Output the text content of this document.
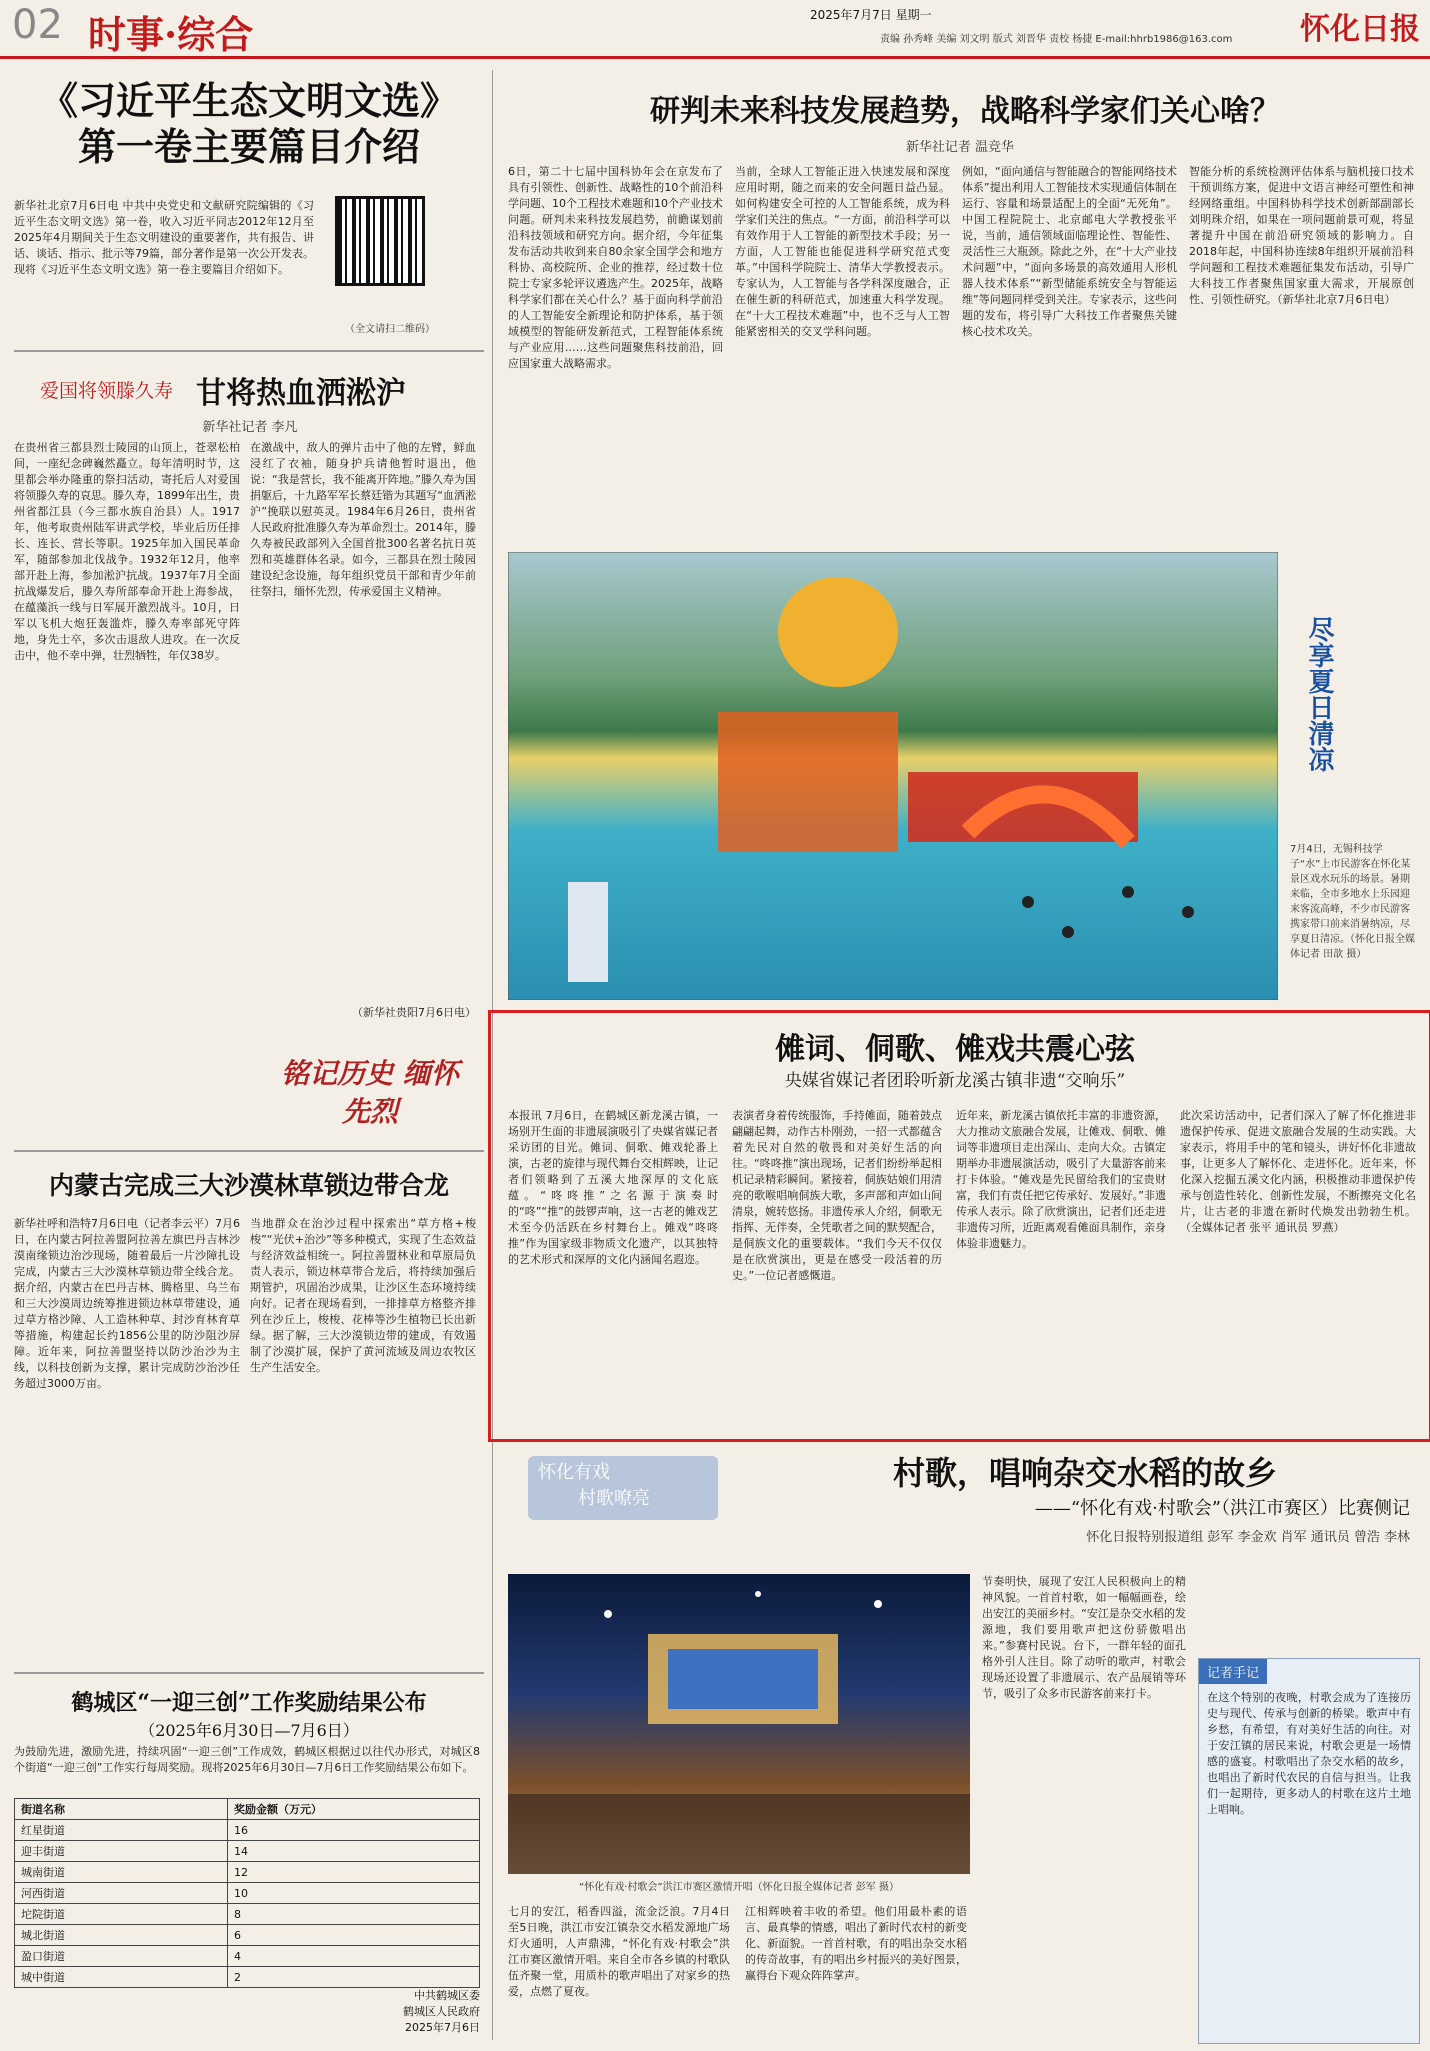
02 时事·综合	2025年7月7日 星期一
责编 孙秀峰 美编 刘文明 版式 刘晋华 责校 杨捷 E-mail:hhrb1986@163.com 怀化日报
《习近平生态文明文选》
第一卷主要篇目介绍
新华社北京7月6日电 中共中央党史和文献研究院编辑的《习近平生态文明文选》第一卷，收入习近平同志2012年12月至2025年4月期间关于生态文明建设的重要著作，共有报告、讲话、谈话、指示、批示等79篇，部分著作是第一次公开发表。现将《习近平生态文明文选》第一卷主要篇目介绍如下。
（全文请扫二维码）
爱国将领滕久寿 甘将热血洒淞沪
新华社记者 李凡
在贵州省三都县烈士陵园的山顶上，苍翠松柏间，一座纪念碑巍然矗立。每年清明时节，这里都会举办隆重的祭扫活动，寄托后人对爱国将领滕久寿的哀思。滕久寿，1899年出生，贵州省都江县（今三都水族自治县）人。1917年，他考取贵州陆军讲武学校，毕业后历任排长、连长、营长等职。1925年加入国民革命军，随部参加北伐战争。1932年12月，他率部开赴上海，参加淞沪抗战。1937年7月全面抗战爆发后，滕久寿所部奉命开赴上海参战，在蕴藻浜一线与日军展开激烈战斗。10月，日军以飞机大炮狂轰滥炸，滕久寿率部死守阵地，身先士卒，多次击退敌人进攻。在一次反击中，他不幸中弹，壮烈牺牲，年仅38岁。
在激战中，敌人的弹片击中了他的左臂，鲜血浸红了衣袖，随身护兵请他暂时退出，他说：“我是营长，我不能离开阵地。”滕久寿为国捐躯后，十九路军军长蔡廷锴为其题写“血洒淞沪”挽联以慰英灵。1984年6月26日，贵州省人民政府批准滕久寿为革命烈士。2014年，滕久寿被民政部列入全国首批300名著名抗日英烈和英雄群体名录。如今，三都县在烈士陵园建设纪念设施，每年组织党员干部和青少年前往祭扫，缅怀先烈，传承爱国主义精神。
（新华社贵阳7月6日电）
铭记历史 缅怀先烈
内蒙古完成三大沙漠林草锁边带合龙
新华社呼和浩特7月6日电（记者李云平）7月6日，在内蒙古阿拉善盟阿拉善左旗巴丹吉林沙漠南缘锁边治沙现场，随着最后一片沙障扎设完成，内蒙古三大沙漠林草锁边带全线合龙。据介绍，内蒙古在巴丹吉林、腾格里、乌兰布和三大沙漠周边统筹推进锁边林草带建设，通过草方格沙障、人工造林种草、封沙育林育草等措施，构建起长约1856公里的防沙阻沙屏障。近年来，阿拉善盟坚持以防沙治沙为主线，以科技创新为支撑，累计完成防沙治沙任务超过3000万亩。
当地群众在治沙过程中探索出“草方格+梭梭”“光伏+治沙”等多种模式，实现了生态效益与经济效益相统一。阿拉善盟林业和草原局负责人表示，锁边林草带合龙后，将持续加强后期管护，巩固治沙成果，让沙区生态环境持续向好。记者在现场看到，一排排草方格整齐排列在沙丘上，梭梭、花棒等沙生植物已长出新绿。据了解，三大沙漠锁边带的建成，有效遏制了沙漠扩展，保护了黄河流域及周边农牧区生产生活安全。
鹤城区“一迎三创”工作奖励结果公布
（2025年6月30日—7月6日）
为鼓励先进，激励先进，持续巩固“一迎三创”工作成效，鹤城区根据过以往代办形式，对城区8个街道“一迎三创”工作实行每周奖励。现将2025年6月30日—7月6日工作奖励结果公布如下。
街道名称	奖励金额（万元）
红星街道	16
迎丰街道	14
城南街道	12
河西街道	10
坨院街道	8
城北街道	6
盈口街道	4
城中街道	2
中共鹤城区委
鹤城区人民政府
2025年7月6日
研判未来科技发展趋势，战略科学家们关心啥？
新华社记者 温竞华
6日，第二十七届中国科协年会在京发布了具有引领性、创新性、战略性的10个前沿科学问题、10个工程技术难题和10个产业技术问题。研判未来科技发展趋势，前瞻谋划前沿科技领域和研究方向。据介绍，今年征集发布活动共收到来自80余家全国学会和地方科协、高校院所、企业的推荐，经过数十位院士专家多轮评议遴选产生。2025年，战略科学家们都在关心什么？基于面向科学前沿的人工智能安全新理论和防护体系，基于领域模型的智能研发新范式，工程智能体系统与产业应用……这些问题聚焦科技前沿，回应国家重大战略需求。
当前，全球人工智能正进入快速发展和深度应用时期，随之而来的安全问题日益凸显。如何构建安全可控的人工智能系统，成为科学家们关注的焦点。“一方面，前沿科学可以有效作用于人工智能的新型技术手段；另一方面，人工智能也能促进科学研究范式变革。”中国科学院院士、清华大学教授表示。专家认为，人工智能与各学科深度融合，正在催生新的科研范式，加速重大科学发现。在“十大工程技术难题”中，也不乏与人工智能紧密相关的交叉学科问题。
例如，“面向通信与智能融合的智能网络技术体系”提出利用人工智能技术实现通信体制在运行、容量和场景适配上的全面“无死角”。中国工程院院士、北京邮电大学教授张平说，当前，通信领域面临理论性、智能性、灵活性三大瓶颈。除此之外，在“十大产业技术问题”中，“面向多场景的高效通用人形机器人技术体系”“新型储能系统安全与智能运维”等问题同样受到关注。专家表示，这些问题的发布，将引导广大科技工作者聚焦关键核心技术攻关。
智能分析的系统检测评估体系与脑机接口技术干预训练方案，促进中文语言神经可塑性和神经网络重组。中国科协科学技术创新部副部长刘明珠介绍，如果在一项问题前景可观，将显著提升中国在前沿研究领域的影响力。自2018年起，中国科协连续8年组织开展前沿科学问题和工程技术难题征集发布活动，引导广大科技工作者聚焦国家重大需求，开展原创性、引领性研究。（新华社北京7月6日电）
尽享夏日清凉
7月4日，无锡科技学子“水”上市民游客在怀化某景区戏水玩乐的场景。暑期来临，全市多地水上乐园迎来客流高峰，不少市民游客携家带口前来消暑纳凉，尽享夏日清凉。（怀化日报全媒体记者 田歆 摄）
傩词、侗歌、傩戏共震心弦
央媒省媒记者团聆听新龙溪古镇非遗“交响乐”
本报讯 7月6日，在鹤城区新龙溪古镇，一场别开生面的非遗展演吸引了央媒省媒记者采访团的目光。傩词、侗歌、傩戏轮番上演，古老的旋律与现代舞台交相辉映，让记者们领略到了五溪大地深厚的文化底蕴。“咚咚推”之名源于演奏时的“咚”“推”的鼓锣声响，这一古老的傩戏艺术至今仍活跃在乡村舞台上。傩戏“咚咚推”作为国家级非物质文化遗产，以其独特的艺术形式和深厚的文化内涵闻名遐迩。
表演者身着传统服饰，手持傩面，随着鼓点翩翩起舞，动作古朴刚劲，一招一式都蕴含着先民对自然的敬畏和对美好生活的向往。“咚咚推”演出现场，记者们纷纷举起相机记录精彩瞬间。紧接着，侗族姑娘们用清亮的歌喉唱响侗族大歌，多声部和声如山间清泉，婉转悠扬。非遗传承人介绍，侗歌无指挥、无伴奏，全凭歌者之间的默契配合，是侗族文化的重要载体。“我们今天不仅仅是在欣赏演出，更是在感受一段活着的历史。”一位记者感慨道。
近年来，新龙溪古镇依托丰富的非遗资源，大力推动文旅融合发展，让傩戏、侗歌、傩词等非遗项目走出深山、走向大众。古镇定期举办非遗展演活动，吸引了大量游客前来打卡体验。“傩戏是先民留给我们的宝贵财富，我们有责任把它传承好、发展好。”非遗传承人表示。除了欣赏演出，记者们还走进非遗传习所，近距离观看傩面具制作，亲身体验非遗魅力。
此次采访活动中，记者们深入了解了怀化推进非遗保护传承、促进文旅融合发展的生动实践。大家表示，将用手中的笔和镜头，讲好怀化非遗故事，让更多人了解怀化、走进怀化。近年来，怀化深入挖掘五溪文化内涵，积极推动非遗保护传承与创造性转化、创新性发展，不断擦亮文化名片，让古老的非遗在新时代焕发出勃勃生机。（全媒体记者 张平 通讯员 罗燕）
怀化有戏
村歌嘹亮
村歌，唱响杂交水稻的故乡
——“怀化有戏·村歌会”（洪江市赛区）比赛侧记
怀化日报特别报道组 彭军 李金欢 肖军 通讯员 曾浩 李林
“怀化有戏·村歌会”洪江市赛区激情开唱（怀化日报全媒体记者 彭军 摄）
七月的安江，稻香四溢，流金泛浪。7月4日至5日晚，洪江市安江镇杂交水稻发源地广场灯火通明，人声鼎沸，“怀化有戏·村歌会”洪江市赛区激情开唱。来自全市各乡镇的村歌队伍齐聚一堂，用质朴的歌声唱出了对家乡的热爱，点燃了夏夜。
江相辉映着丰收的希望。他们用最朴素的语言、最真挚的情感，唱出了新时代农村的新变化、新面貌。一首首村歌，有的唱出杂交水稻的传奇故事，有的唱出乡村振兴的美好图景，赢得台下观众阵阵掌声。
节奏明快，展现了安江人民积极向上的精神风貌。一首首村歌，如一幅幅画卷，绘出安江的美丽乡村。“安江是杂交水稻的发源地，我们要用歌声把这份骄傲唱出来。”参赛村民说。台下，一群年轻的面孔格外引人注目。除了动听的歌声，村歌会现场还设置了非遗展示、农产品展销等环节，吸引了众多市民游客前来打卡。
记者手记
在这个特别的夜晚，村歌会成为了连接历史与现代、传承与创新的桥梁。歌声中有乡愁，有希望，有对美好生活的向往。对于安江镇的居民来说，村歌会更是一场情感的盛宴。村歌唱出了杂交水稻的故乡，也唱出了新时代农民的自信与担当。让我们一起期待，更多动人的村歌在这片土地上唱响。
